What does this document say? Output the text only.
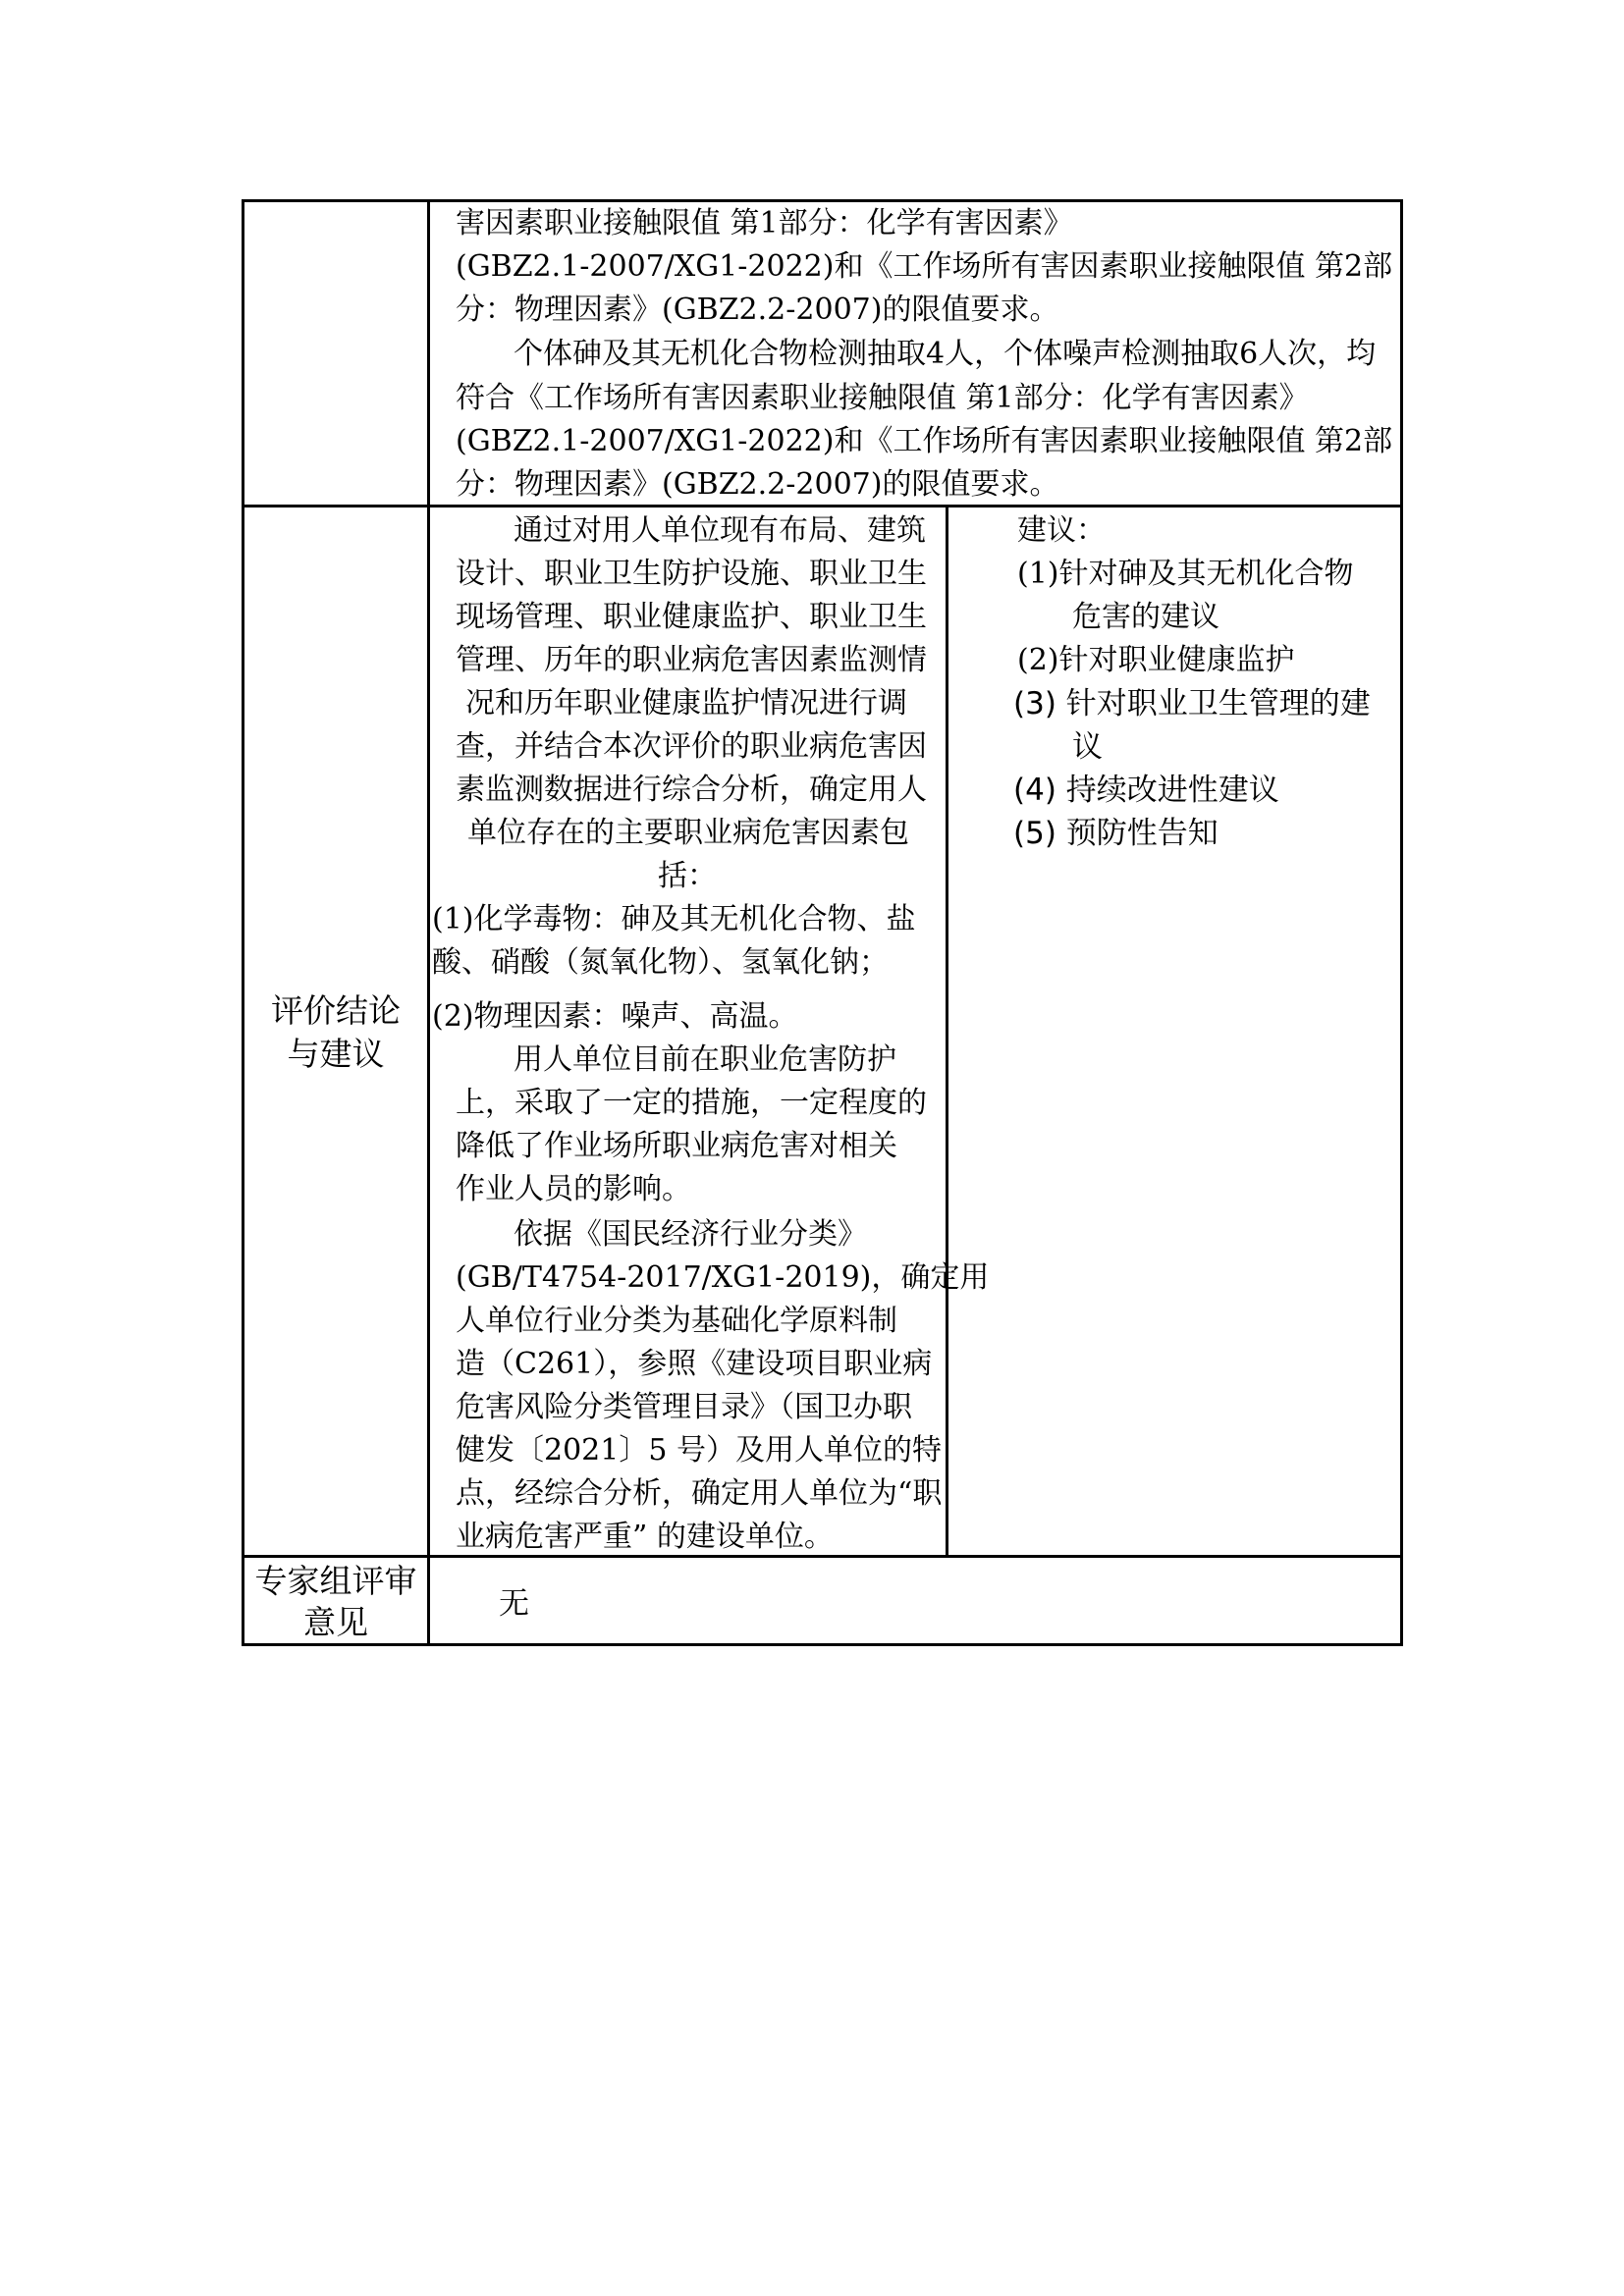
害因素职业接触限值 第1部分：化学有害因素》
(GBZ2.1-2007/XG1-2022)和《工作场所有害因素职业接触限值 第2部
分：物理因素》(GBZ2.2-2007)的限值要求。
个体砷及其无机化合物检测抽取4人，个体噪声检测抽取6人次，均
符合《工作场所有害因素职业接触限值 第1部分：化学有害因素》
(GBZ2.1-2007/XG1-2022)和《工作场所有害因素职业接触限值 第2部
分：物理因素》(GBZ2.2-2007)的限值要求。
评价结论
与建议
通过对用人单位现有布局、建筑
设计、职业卫生防护设施、职业卫生
现场管理、职业健康监护、职业卫生
管理、历年的职业病危害因素监测情
况和历年职业健康监护情况进行调
查，并结合本次评价的职业病危害因
素监测数据进行综合分析，确定用人
单位存在的主要职业病危害因素包
括：
(1)化学毒物：砷及其无机化合物、盐
酸、硝酸（氮氧化物）、氢氧化钠；
(2)物理因素：噪声、高温。
用人单位目前在职业危害防护
上，采取了一定的措施，一定程度的
降低了作业场所职业病危害对相关
作业人员的影响。
依据《国民经济行业分类》
(GB/T4754-2017/XG1-2019)，确定用
人单位行业分类为基础化学原料制
造（C261），参照《建设项目职业病
危害风险分类管理目录》（国卫办职
健发〔2021〕5 号）及用人单位的特
点，经综合分析，确定用人单位为“职
业病危害严重” 的建设单位。
建议：
(1)针对砷及其无机化合物
危害的建议
(2)针对职业健康监护
(3) 针对职业卫生管理的建
议
(4) 持续改进性建议
(5) 预防性告知
专家组评审
意见	无
